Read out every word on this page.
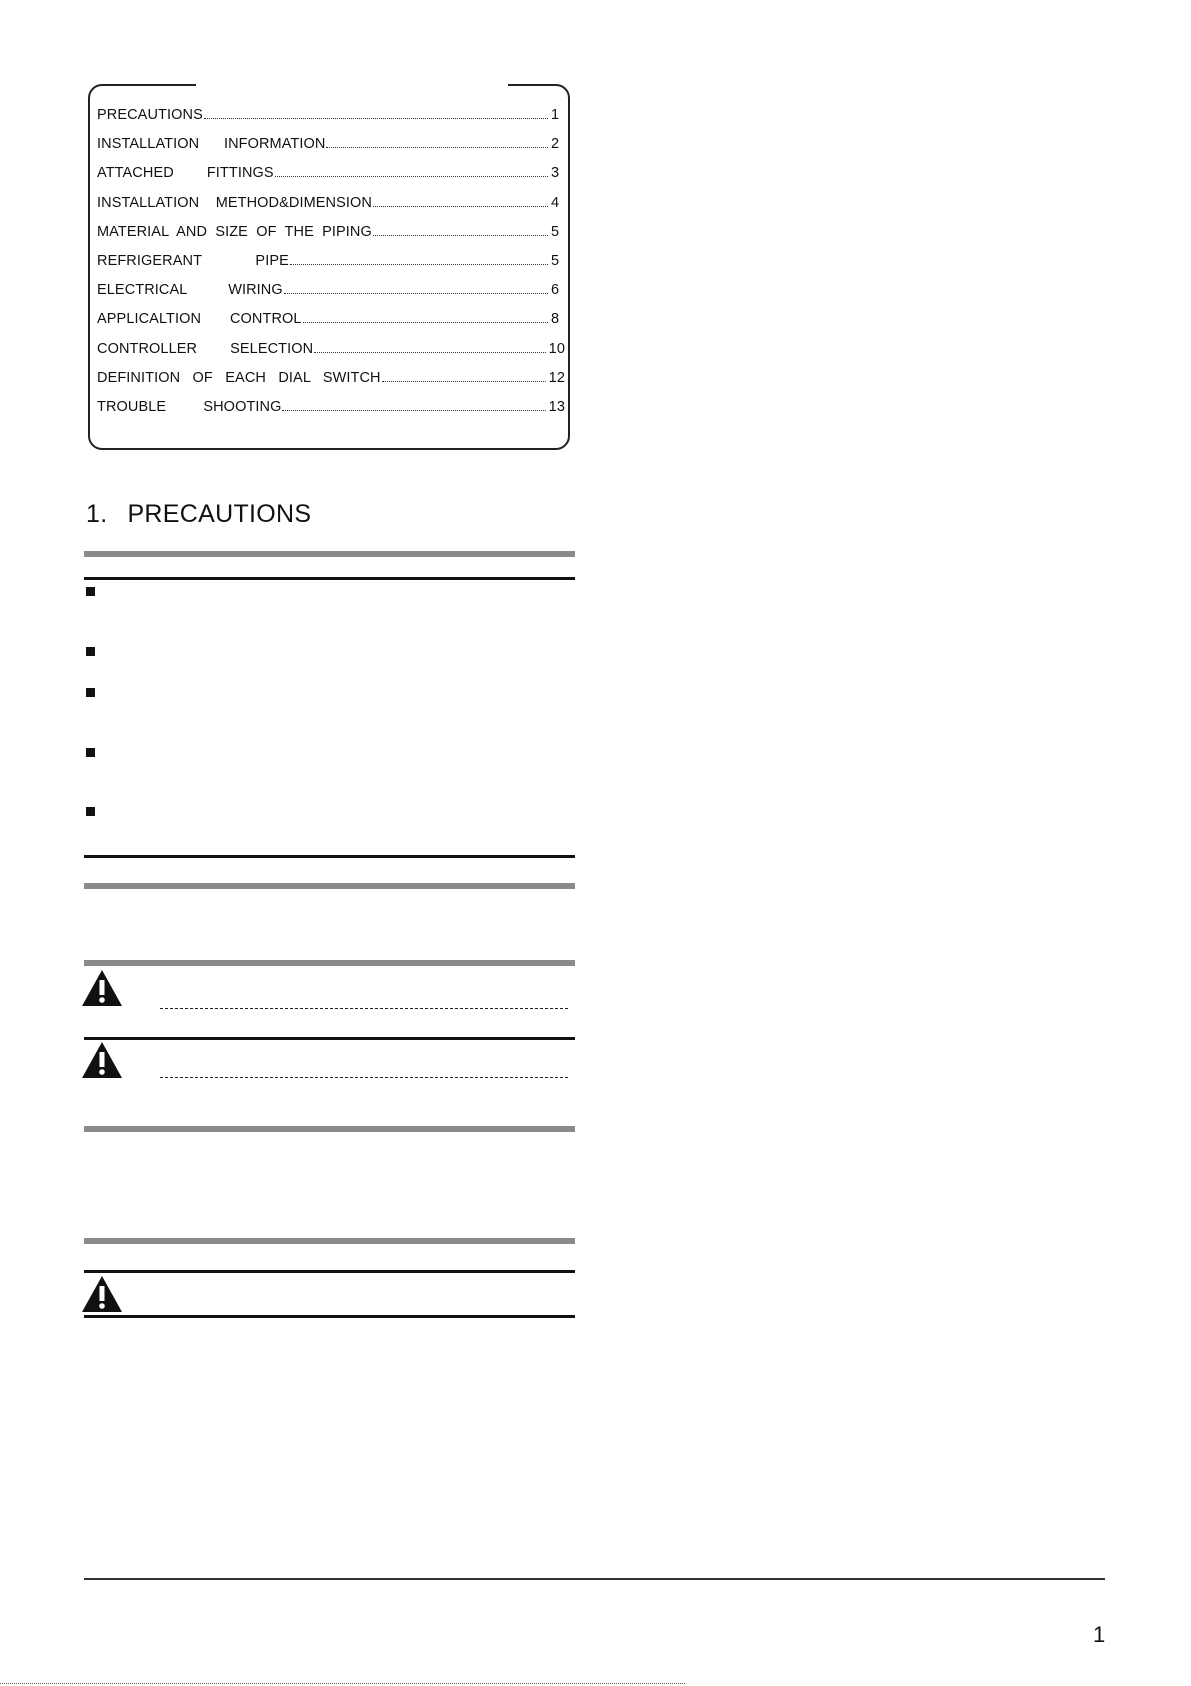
PRECAUTIONS	1
INSTALLATION      INFORMATION	2
ATTACHED        FITTINGS	3
INSTALLATION    METHOD&DIMENSION	4
MATERIAL  AND  SIZE  OF  THE  PIPING	5
REFRIGERANT             PIPE	5
ELECTRICAL          WIRING	6
APPLICALTION       CONTROL	8
CONTROLLER        SELECTION	10
DEFINITION   OF   EACH   DIAL   SWITCH	12
TROUBLE         SHOOTING	13
1. PRECAUTIONS
1
